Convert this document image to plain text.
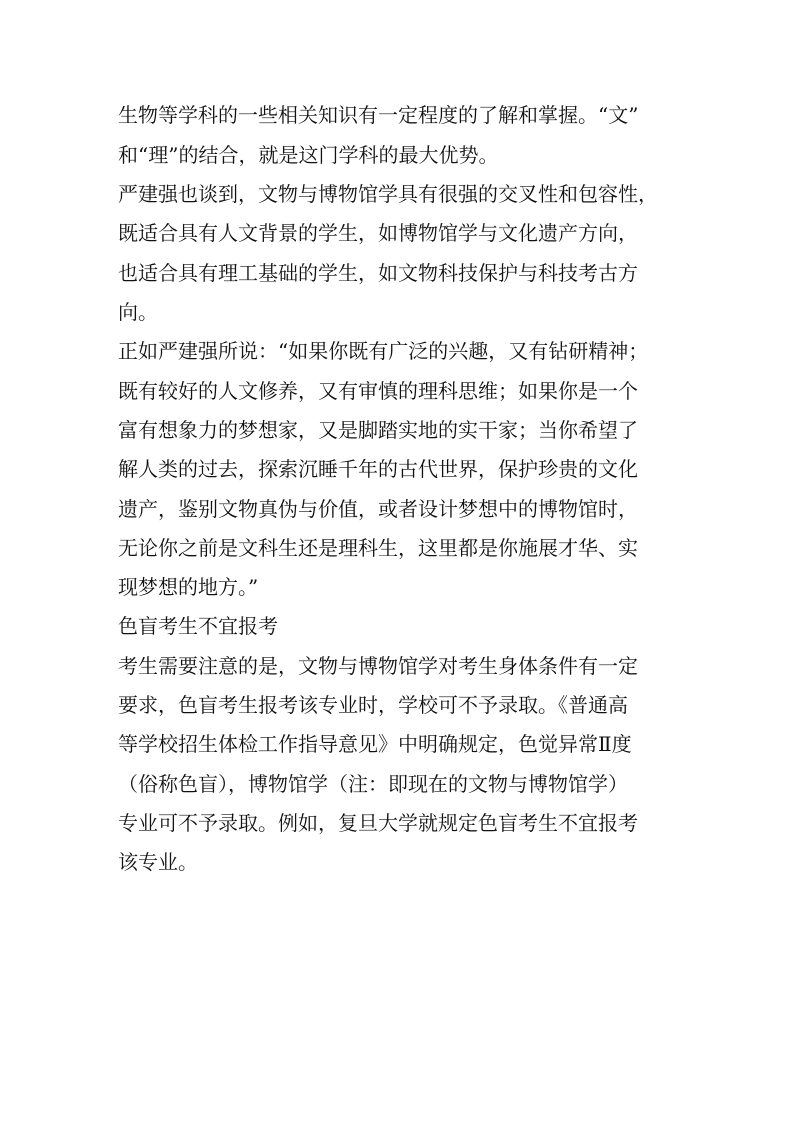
生物等学科的一些相关知识有一定程度的了解和掌握。“文”
和“理”的结合，就是这门学科的最大优势。
严建强也谈到，文物与博物馆学具有很强的交叉性和包容性，
既适合具有人文背景的学生，如博物馆学与文化遗产方向，
也适合具有理工基础的学生，如文物科技保护与科技考古方
向。
正如严建强所说：“如果你既有广泛的兴趣，又有钻研精神；
既有较好的人文修养，又有审慎的理科思维；如果你是一个
富有想象力的梦想家，又是脚踏实地的实干家；当你希望了
解人类的过去，探索沉睡千年的古代世界，保护珍贵的文化
遗产，鉴别文物真伪与价值，或者设计梦想中的博物馆时，
无论你之前是文科生还是理科生，这里都是你施展才华、实
现梦想的地方。”
色盲考生不宜报考
考生需要注意的是，文物与博物馆学对考生身体条件有一定
要求，色盲考生报考该专业时，学校可不予录取。《普通高
等学校招生体检工作指导意见》中明确规定，色觉异常Ⅱ度
（俗称色盲），博物馆学（注：即现在的文物与博物馆学）
专业可不予录取。例如，复旦大学就规定色盲考生不宜报考
该专业。
